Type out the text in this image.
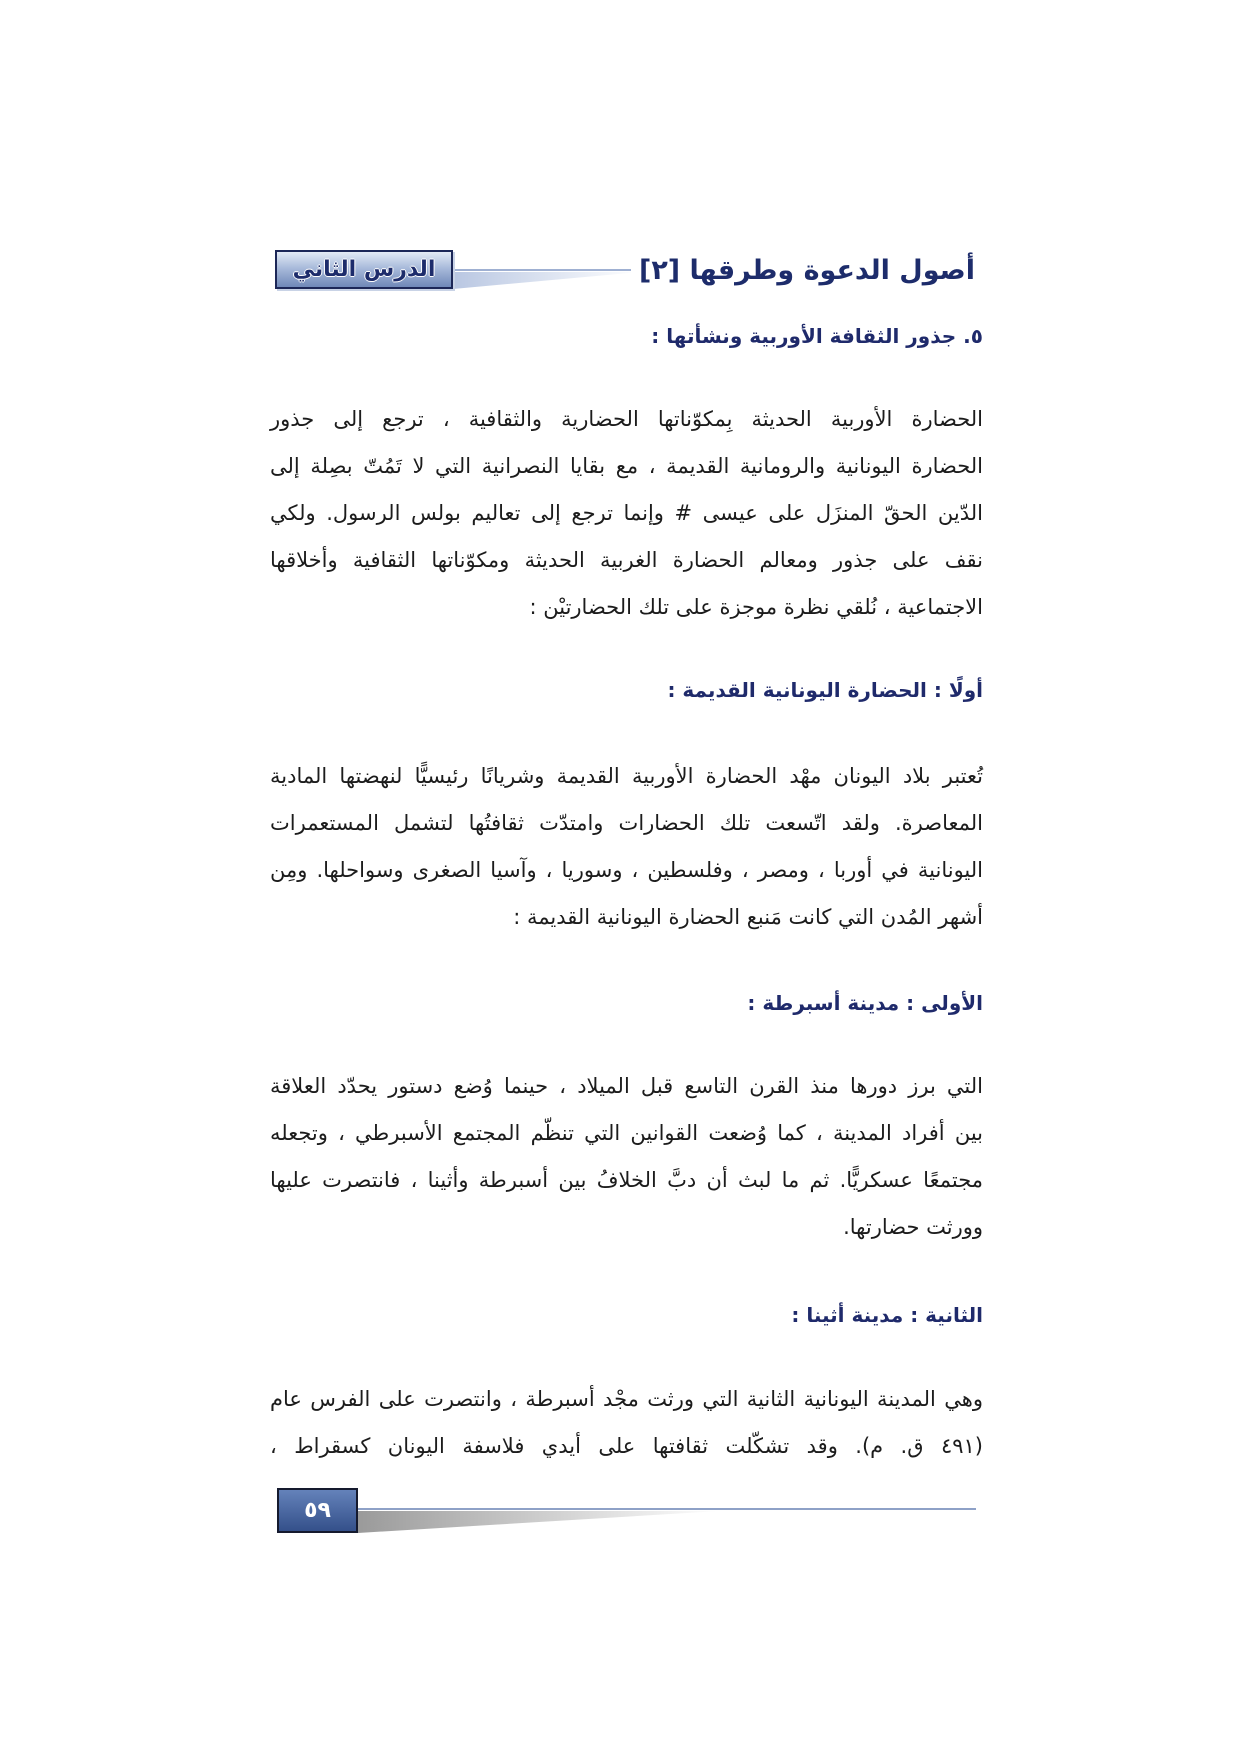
الدرس الثاني	أصول الدعوة وطرقها [٢]
٥. جذور الثقافة الأوربية ونشأتها :
الحضارة الأوربية الحديثة بِمكوّناتها الحضارية والثقافية ، ترجع إلى جذور
الحضارة اليونانية والرومانية القديمة ، مع بقايا النصرانية التي لا تَمُتّ بصِلة إلى
الدّين الحقّ المنزَل على عيسى # وإنما ترجع إلى تعاليم بولس الرسول. ولكي
نقف على جذور ومعالم الحضارة الغربية الحديثة ومكوّناتها الثقافية وأخلاقها
الاجتماعية ، نُلقي نظرة موجزة على تلك الحضارتيْن :
أولًا : الحضارة اليونانية القديمة :
تُعتبر بلاد اليونان مهْد الحضارة الأوربية القديمة وشريانًا رئيسيًّا لنهضتها المادية
المعاصرة. ولقد اتّسعت تلك الحضارات وامتدّت ثقافتُها لتشمل المستعمرات
اليونانية في أوربا ، ومصر ، وفلسطين ، وسوريا ، وآسيا الصغرى وسواحلها. ومِن
أشهر المُدن التي كانت مَنبع الحضارة اليونانية القديمة :
الأولى : مدينة أسبرطة :
التي برز دورها منذ القرن التاسع قبل الميلاد ، حينما وُضع دستور يحدّد العلاقة
بين أفراد المدينة ، كما وُضعت القوانين التي تنظّم المجتمع الأسبرطي ، وتجعله
مجتمعًا عسكريًّا. ثم ما لبث أن دبَّ الخلافُ بين أسبرطة وأثينا ، فانتصرت عليها
وورثت حضارتها.
الثانية : مدينة أثينا :
وهي المدينة اليونانية الثانية التي ورثت مجْد أسبرطة ، وانتصرت على الفرس عام
(٤٩١ ق. م). وقد تشكّلت ثقافتها على أيدي فلاسفة اليونان كسقراط ،
٥٩
